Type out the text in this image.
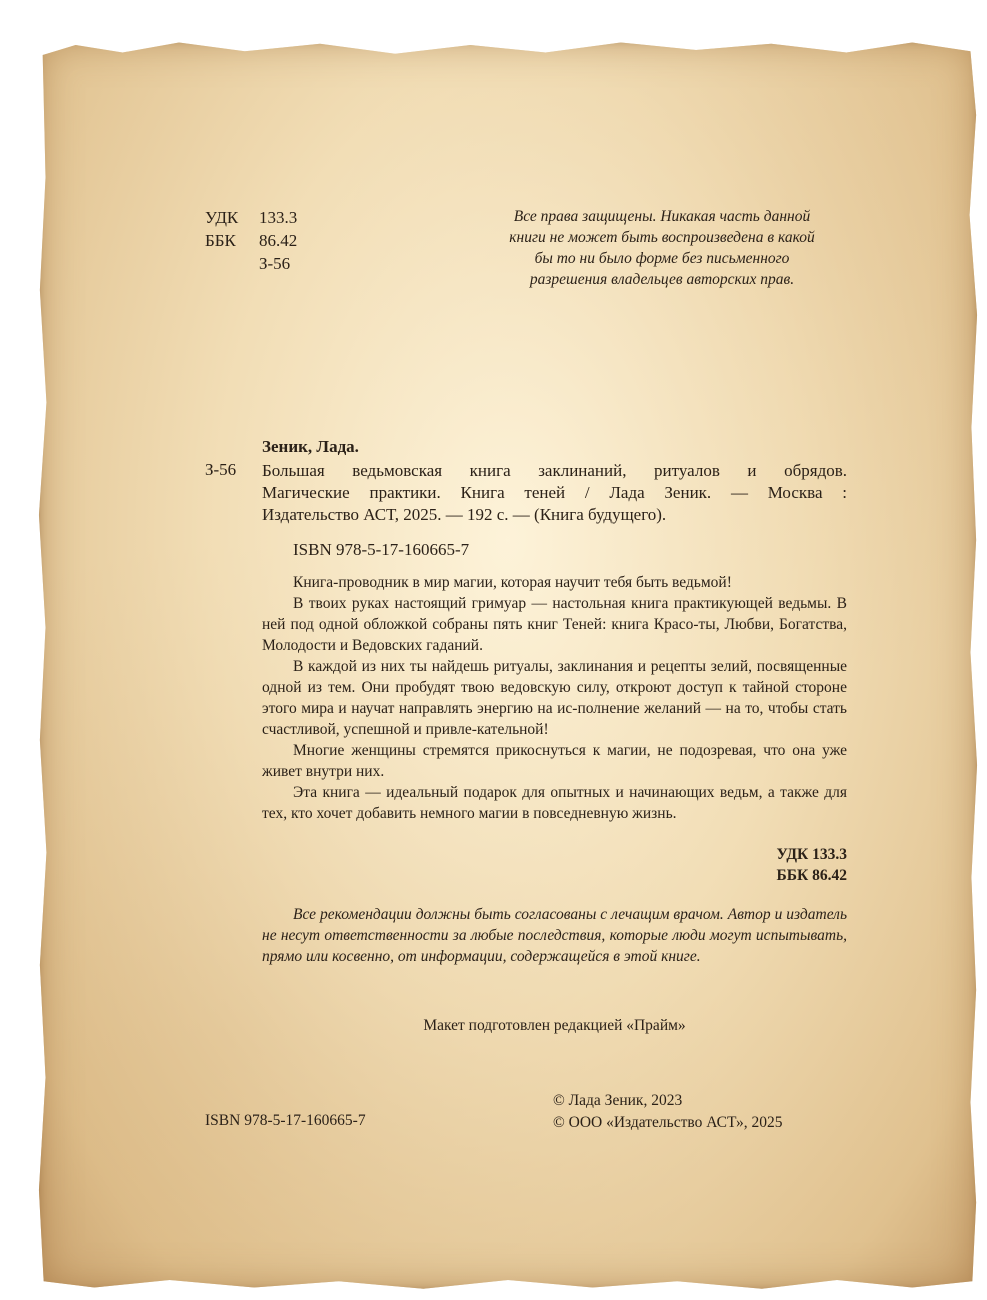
УДК	133.3
ББК	86.42
З-56
Все права защищены. Никакая часть данной
книги не может быть воспроизведена в какой
бы то ни было форме без письменного
разрешения владельцев авторских прав.
Зеник, Лада.
З-56 Большая ведьмовская книга заклинаний, ритуалов и обрядов.
Магические практики. Книга теней / Лада Зеник. — Москва :
Издательство АСТ, 2025. — 192 с. — (Книга будущего).
ISBN 978-5-17-160665-7

Книга-проводник в мир магии, которая научит тебя быть ведьмой!

В твоих руках настоящий гримуар — настольная книга практикующей ведьмы. В ней под одной обложкой собраны пять книг Теней: книга Красо-ты, Любви, Богатства, Молодости и Ведовских гаданий.

В каждой из них ты найдешь ритуалы, заклинания и рецепты зелий, посвященные одной из тем. Они пробудят твою ведовскую силу, откроют доступ к тайной стороне этого мира и научат направлять энергию на ис-полнение желаний — на то, чтобы стать счастливой, успешной и привле-кательной!

Многие женщины стремятся прикоснуться к магии, не подозревая, что она уже живет внутри них.

Эта книга — идеальный подарок для опытных и начинающих ведьм, а также для тех, кто хочет добавить немного магии в повседневную жизнь.

УДК 133.3
ББК 86.42
Все рекомендации должны быть согласованы с лечащим врачом. Автор и издатель не несут ответственности за любые последствия, которые люди могут испытывать, прямо или косвенно, от информации, содержащейся в этой книге.
Макет подготовлен редакцией «Прайм»
© Лада Зеник, 2023
© ООО «Издательство АСТ», 2025
ISBN 978-5-17-160665-7
